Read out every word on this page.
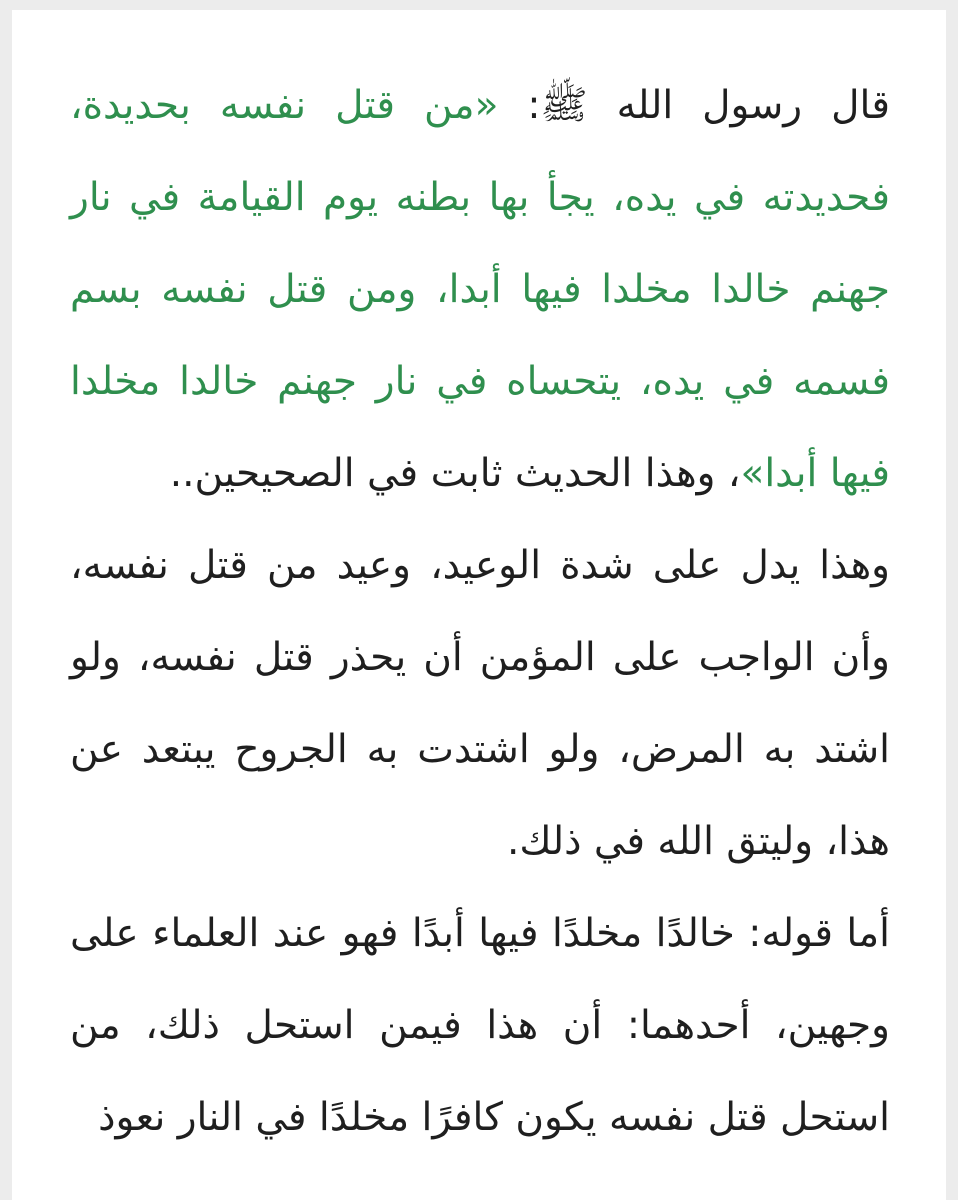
قال رسول الله ﷺ: «من قتل نفسه بحديدة، فحديدته في يده، يجأ بها بطنه يوم القيامة في نار جهنم خالدا مخلدا فيها أبدا، ومن قتل نفسه بسم فسمه في يده، يتحساه في نار جهنم خالدا مخلدا فيها أبدا»، وهذا الحديث ثابت في الصحيحين..

وهذا يدل على شدة الوعيد، وعيد من قتل نفسه، وأن الواجب على المؤمن أن يحذر قتل نفسه، ولو اشتد به المرض، ولو اشتدت به الجروح يبتعد عن هذا، وليتق الله في ذلك.

أما قوله: خالدًا مخلدًا فيها أبدًا فهو عند العلماء على وجهين، أحدهما: أن هذا فيمن استحل ذلك، من استحل قتل نفسه يكون كافرًا مخلدًا في النار نعوذ
